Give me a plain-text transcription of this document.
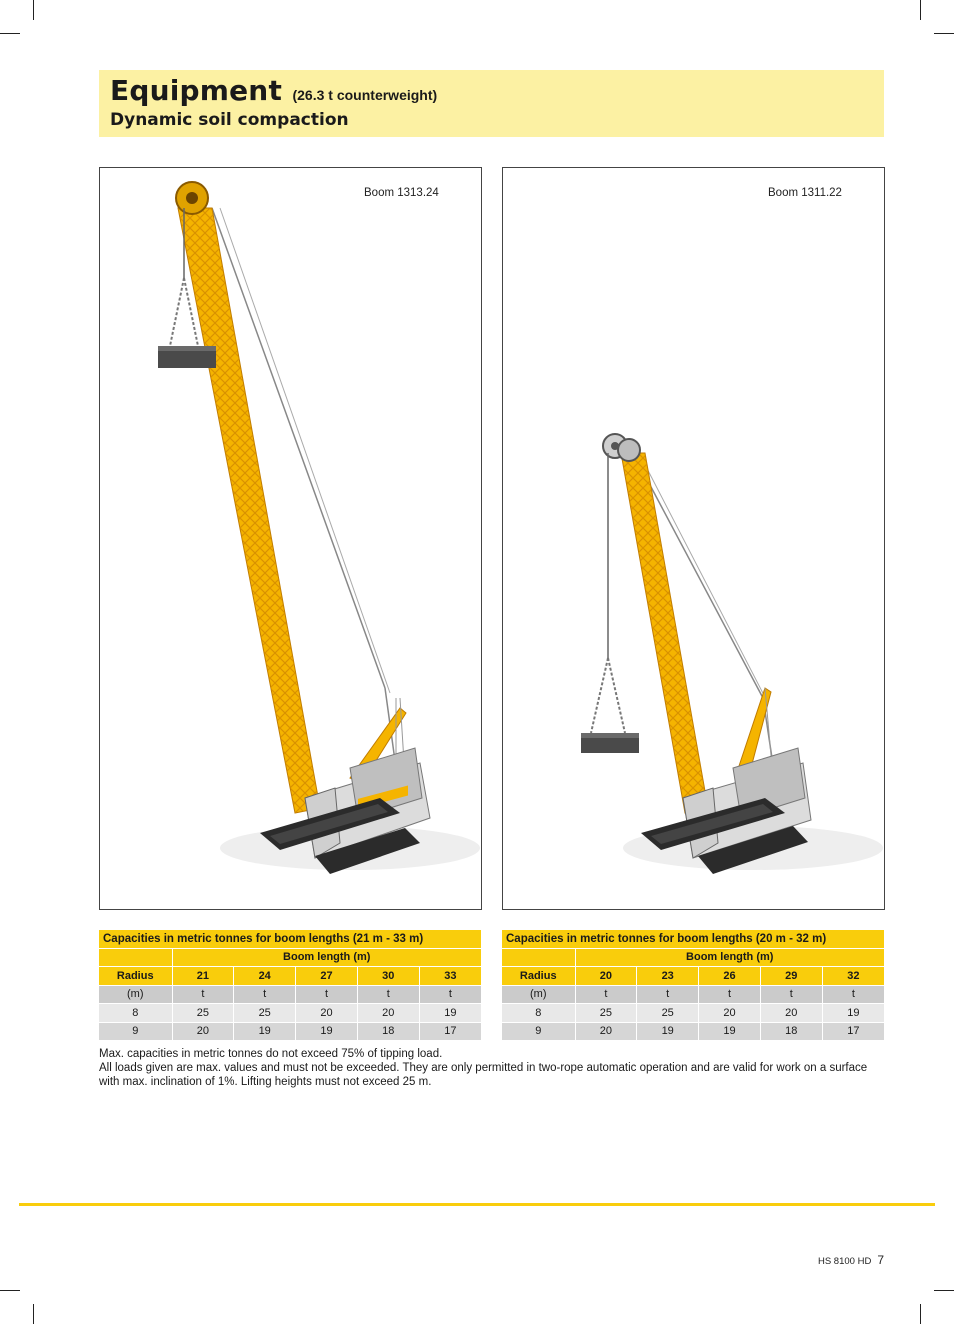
Equipment (26.3 t counterweight)
Dynamic soil compaction
Boom 1313.24	Boom 1311.22
Capacities in metric tonnes for boom lengths (21 m - 33 m)					
	Boom length (m)				
Radius	21	24	27	30	33
(m)	t	t	t	t	t
8	25	25	20	20	19
9	20	19	19	18	17
Capacities in metric tonnes for boom lengths (20 m - 32 m)					
	Boom length (m)				
Radius	20	23	26	29	32
(m)	t	t	t	t	t
8	25	25	20	20	19
9	20	19	19	18	17

Max. capacities in metric tonnes do not exceed 75% of tipping load.

All loads given are max. values and must not be exceeded. They are only permitted in two-rope automatic operation and are valid for work on a surface with max. inclination of 1%. Lifting heights must not exceed 25 m.

HS 8100 HD 7
